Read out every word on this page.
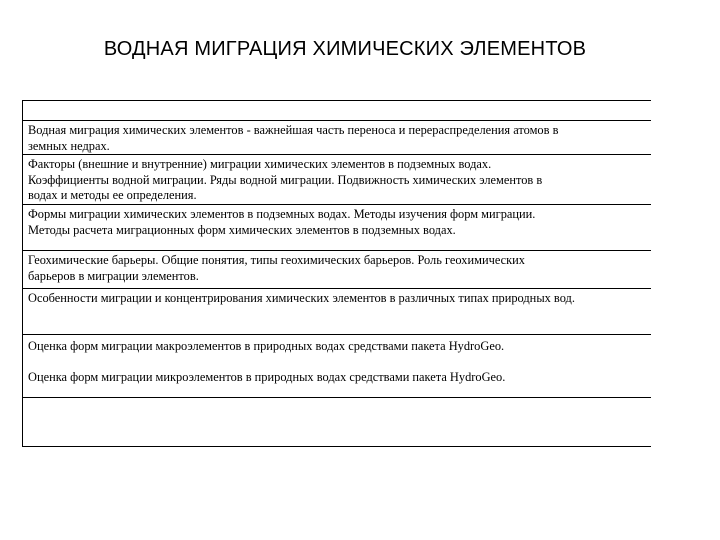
ВОДНАЯ МИГРАЦИЯ ХИМИЧЕСКИХ ЭЛЕМЕНТОВ
Водная миграция химических элементов - важнейшая часть переноса и перераспределения атомов в
земных недрах.
Факторы (внешние и внутренние) миграции химических элементов в подземных водах.
Коэффициенты водной миграции. Ряды водной миграции. Подвижность химических элементов в
водах и методы ее определения.
Формы миграции химических элементов в подземных водах. Методы изучения форм миграции.
Методы расчета миграционных форм химических элементов в подземных водах.
Геохимические барьеры. Общие понятия, типы геохимических барьеров. Роль геохимических
барьеров в миграции элементов.
Особенности миграции и концентрирования химических элементов в различных типах природных вод.
Оценка форм миграции макроэлементов в природных водах средствами пакета HydroGeo.

Оценка форм миграции микроэлементов в природных водах средствами пакета HydroGeo.
